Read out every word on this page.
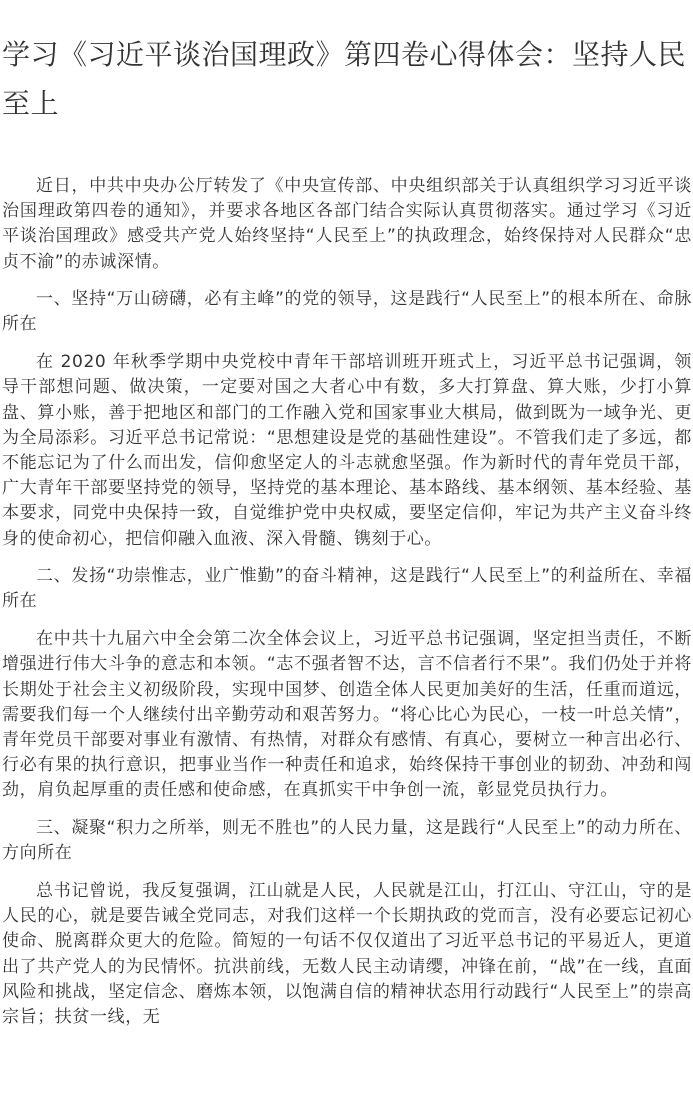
学习《习近平谈治国理政》第四卷心得体会：坚持人民至上

近日，中共中央办公厅转发了《中央宣传部、中央组织部关于认真组织学习习近平谈治国理政第四卷的通知》，并要求各地区各部门结合实际认真贯彻落实。通过学习《习近平谈治国理政》感受共产党人始终坚持“人民至上”的执政理念，始终保持对人民群众“忠贞不渝”的赤诚深情。

一、坚持“万山磅礴，必有主峰”的党的领导，这是践行“人民至上”的根本所在、命脉所在

在 2020 年秋季学期中央党校中青年干部培训班开班式上，习近平总书记强调，领导干部想问题、做决策，一定要对国之大者心中有数，多大打算盘、算大账，少打小算盘、算小账，善于把地区和部门的工作融入党和国家事业大棋局，做到既为一域争光、更为全局添彩。习近平总书记常说：“思想建设是党的基础性建设”。不管我们走了多远，都不能忘记为了什么而出发，信仰愈坚定人的斗志就愈坚强。作为新时代的青年党员干部，广大青年干部要坚持党的领导，坚持党的基本理论、基本路线、基本纲领、基本经验、基本要求，同党中央保持一致，自觉维护党中央权威，要坚定信仰，牢记为共产主义奋斗终身的使命初心，把信仰融入血液、深入骨髓、镌刻于心。

二、发扬“功崇惟志，业广惟勤”的奋斗精神，这是践行“人民至上”的利益所在、幸福所在

在中共十九届六中全会第二次全体会议上，习近平总书记强调，坚定担当责任，不断增强进行伟大斗争的意志和本领。“志不强者智不达，言不信者行不果”。我们仍处于并将长期处于社会主义初级阶段，实现中国梦、创造全体人民更加美好的生活，任重而道远，需要我们每一个人继续付出辛勤劳动和艰苦努力。“将心比心为民心，一枝一叶总关情”，青年党员干部要对事业有激情、有热情，对群众有感情、有真心，要树立一种言出必行、行必有果的执行意识，把事业当作一种责任和追求，始终保持干事创业的韧劲、冲劲和闯劲，肩负起厚重的责任感和使命感，在真抓实干中争创一流，彰显党员执行力。

三、凝聚“积力之所举，则无不胜也”的人民力量，这是践行“人民至上”的动力所在、方向所在

总书记曾说，我反复强调，江山就是人民，人民就是江山，打江山、守江山，守的是人民的心，就是要告诫全党同志，对我们这样一个长期执政的党而言，没有必要忘记初心使命、脱离群众更大的危险。简短的一句话不仅仅道出了习近平总书记的平易近人，更道出了共产党人的为民情怀。抗洪前线，无数人民主动请缨，冲锋在前，“战”在一线，直面风险和挑战，坚定信念、磨炼本领，以饱满自信的精神状态用行动践行“人民至上”的崇高宗旨；扶贫一线，无
